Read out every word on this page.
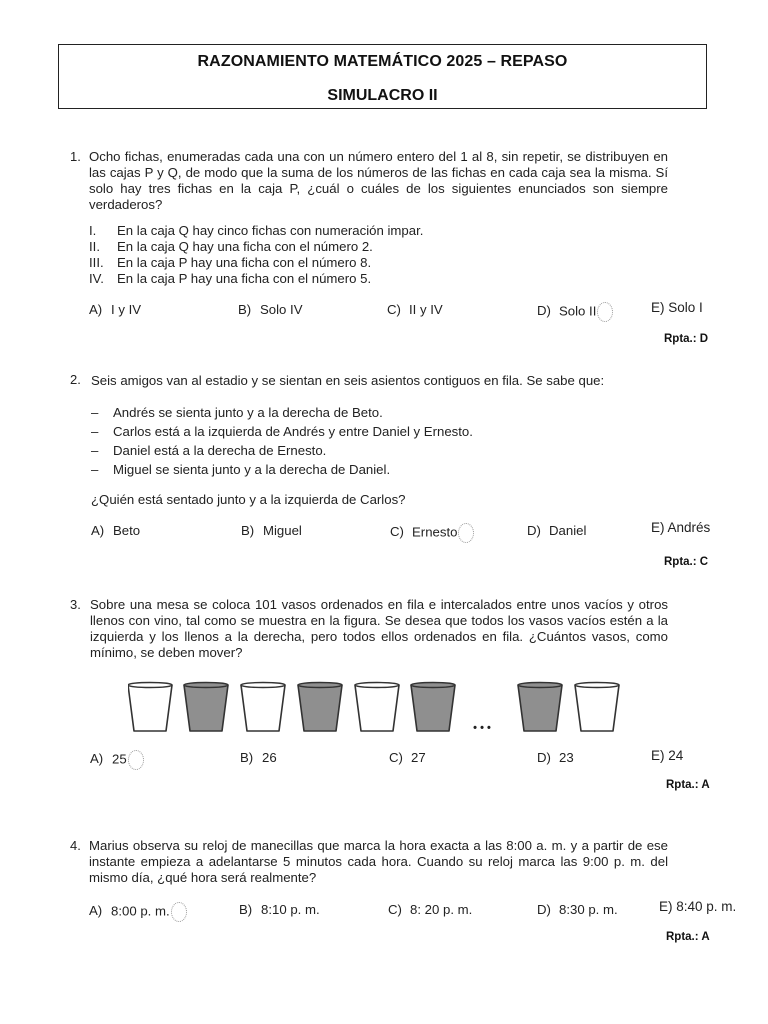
RAZONAMIENTO MATEMÁTICO 2025 – REPASO
SIMULACRO II
1. Ocho fichas, enumeradas cada una con un número entero del 1 al 8, sin repetir, se distribuyen en las cajas P y Q, de modo que la suma de los números de las fichas en cada caja sea la misma. Sí solo hay tres fichas en la caja P, ¿cuál o cuáles de los siguientes enunciados son siempre verdaderos?
I. En la caja Q hay cinco fichas con numeración impar.
II. En la caja Q hay una ficha con el número 2.
III. En la caja P hay una ficha con el número 8.
IV. En la caja P hay una ficha con el número 5.
A) I y IV	B) Solo IV	C) II y IV	D) Solo II	E) Solo I
Rpta.: D
2. Seis amigos van al estadio y se sientan en seis asientos contiguos en fila. Se sabe que:
– Andrés se sienta junto y a la derecha de Beto.
– Carlos está a la izquierda de Andrés y entre Daniel y Ernesto.
– Daniel está a la derecha de Ernesto.
– Miguel se sienta junto y a la derecha de Daniel.
¿Quién está sentado junto y a la izquierda de Carlos?
A) Beto	B) Miguel	C) Ernesto	D) Daniel	E) Andrés
Rpta.: C
3. Sobre una mesa se coloca 101 vasos ordenados en fila e intercalados entre unos vacíos y otros llenos con vino, tal como se muestra en la figura. Se desea que todos los vasos vacíos estén a la izquierda y los llenos a la derecha, pero todos ellos ordenados en fila. ¿Cuántos vasos, como mínimo, se deben mover?
• • •
A) 25	B) 26	C) 27	D) 23	E) 24
Rpta.: A
4. Marius observa su reloj de manecillas que marca la hora exacta a las 8:00 a. m. y a partir de ese instante empieza a adelantarse 5 minutos cada hora. Cuando su reloj marca las 9:00 p. m. del mismo día, ¿qué hora será realmente?
A) 8:00 p. m.	B) 8:10 p. m.	C) 8: 20 p. m.	D) 8:30 p. m.	E) 8:40 p. m.
Rpta.: A
